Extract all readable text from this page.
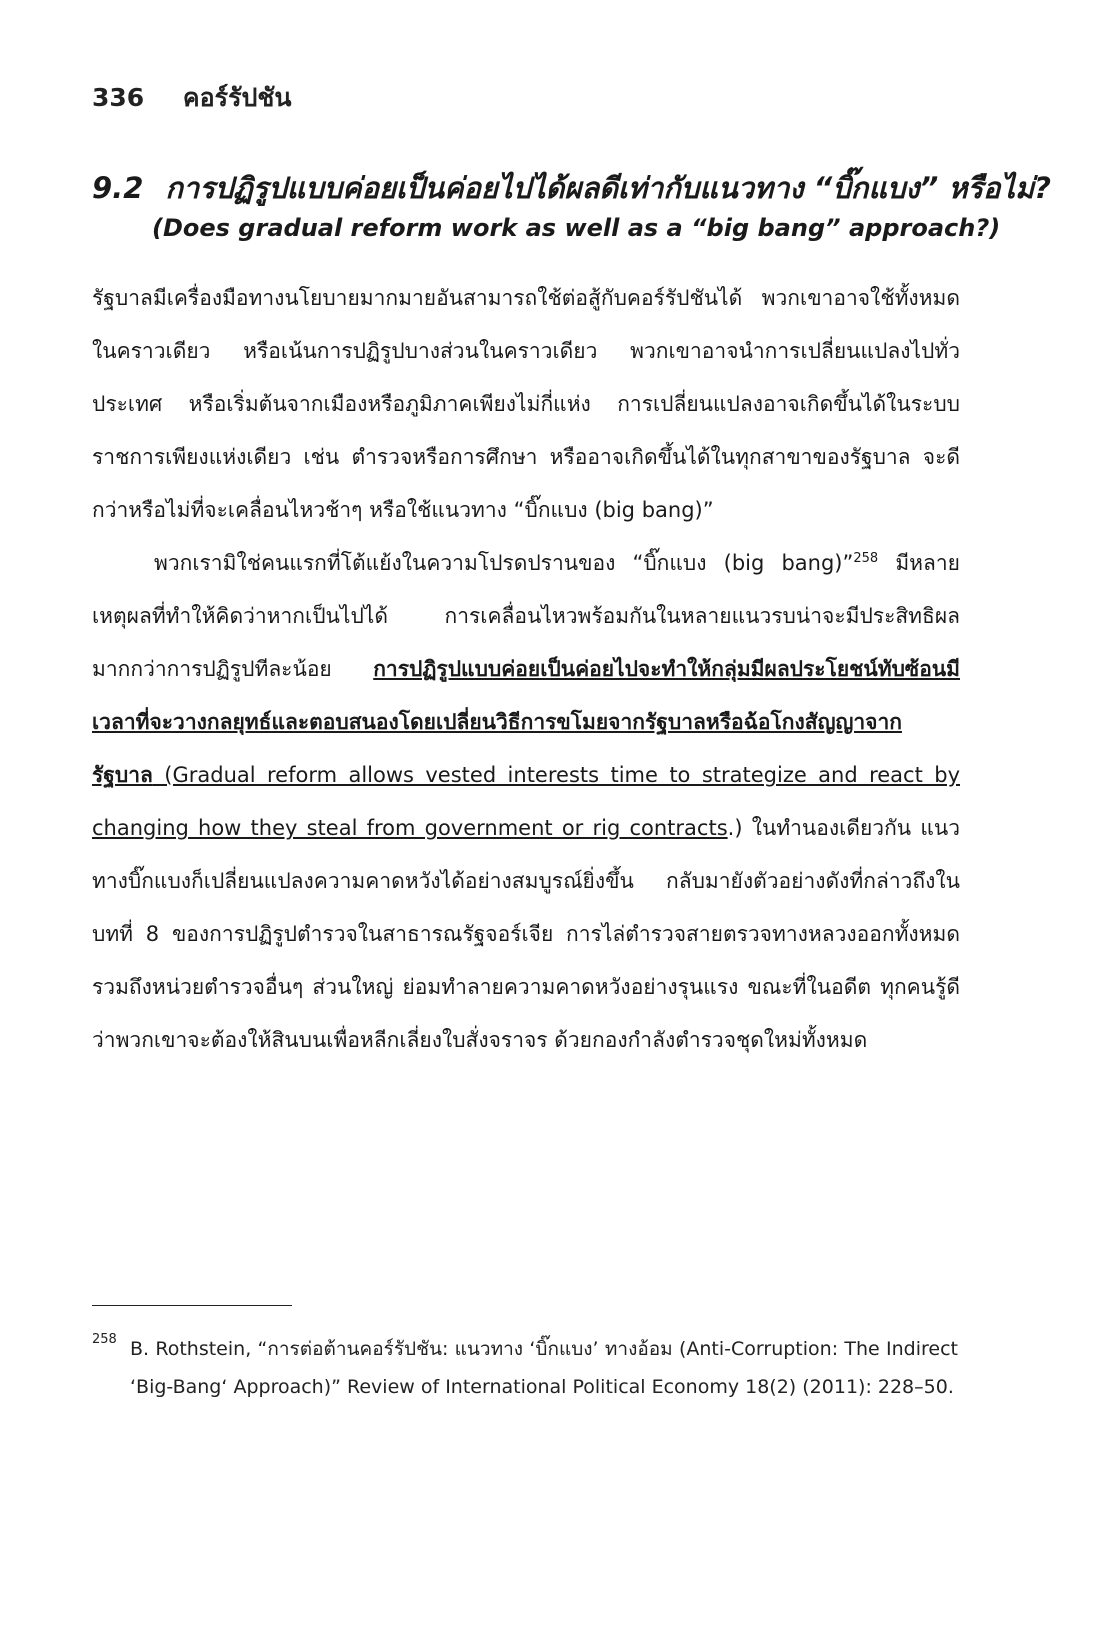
336 คอร์รัปชัน
9.2 การปฏิรูปแบบค่อยเป็นค่อยไปได้ผลดีเท่ากับแนวทาง “บิ๊กแบง” หรือไม่?
(Does gradual reform work as well as a “big bang” approach?)

รัฐบาลมีเครื่องมือทางนโยบายมากมายอันสามารถใช้ต่อสู้กับคอร์รัปชันได้ พวกเขาอาจใช้ทั้งหมดในคราวเดียว หรือเน้นการปฏิรูปบางส่วนในคราวเดียว พวกเขาอาจนำการเปลี่ยนแปลงไปทั่วประเทศ หรือเริ่มต้นจากเมืองหรือภูมิภาคเพียงไม่กี่แห่ง การเปลี่ยนแปลงอาจเกิดขึ้นได้ในระบบราชการเพียงแห่งเดียว เช่น ตำรวจหรือการศึกษา หรืออาจเกิดขึ้นได้ในทุกสาขาของรัฐบาล จะดีกว่าหรือไม่ที่จะเคลื่อนไหวช้าๆ หรือใช้แนวทาง “บิ๊กแบง (big bang)”

พวกเรามิใช่คนแรกที่โต้แย้งในความโปรดปรานของ “บิ๊กแบง (big bang)”$^{258}$ มีหลายเหตุผลที่ทำให้คิดว่าหากเป็นไปได้ การเคลื่อนไหวพร้อมกันในหลายแนวรบน่าจะมีประสิทธิผลมากกว่าการปฏิรูปทีละน้อย การปฏิรูปแบบค่อยเป็นค่อยไปจะทำให้กลุ่มมีผลประโยชน์ทับซ้อนมีเวลาที่จะวางกลยุทธ์และตอบสนองโดยเปลี่ยนวิธีการขโมยจากรัฐบาลหรือฉ้อโกงสัญญาจากรัฐบาล (Gradual reform allows vested interests time to strategize and react by changing how they steal from government or rig contracts.) ในทำนองเดียวกัน แนวทางบิ๊กแบงก็เปลี่ยนแปลงความคาดหวังได้อย่างสมบูรณ์ยิ่งขึ้น กลับมายังตัวอย่างดังที่กล่าวถึงในบทที่ 8 ของการปฏิรูปตำรวจในสาธารณรัฐจอร์เจีย การไล่ตำรวจสายตรวจทางหลวงออกทั้งหมด รวมถึงหน่วยตำรวจอื่นๆ ส่วนใหญ่ ย่อมทำลายความคาดหวังอย่างรุนแรง ขณะที่ในอดีต ทุกคนรู้ดีว่าพวกเขาจะต้องให้สินบนเพื่อหลีกเลี่ยงใบสั่งจราจร ด้วยกองกำลังตำรวจชุดใหม่ทั้งหมด

258 B. Rothstein, “การต่อต้านคอร์รัปชัน: แนวทาง ‘บิ๊กแบง’ ทางอ้อม (Anti-Corruption: The Indirect ‘Big-Bang‘ Approach)” Review of International Political Economy 18(2) (2011): 228–50.
